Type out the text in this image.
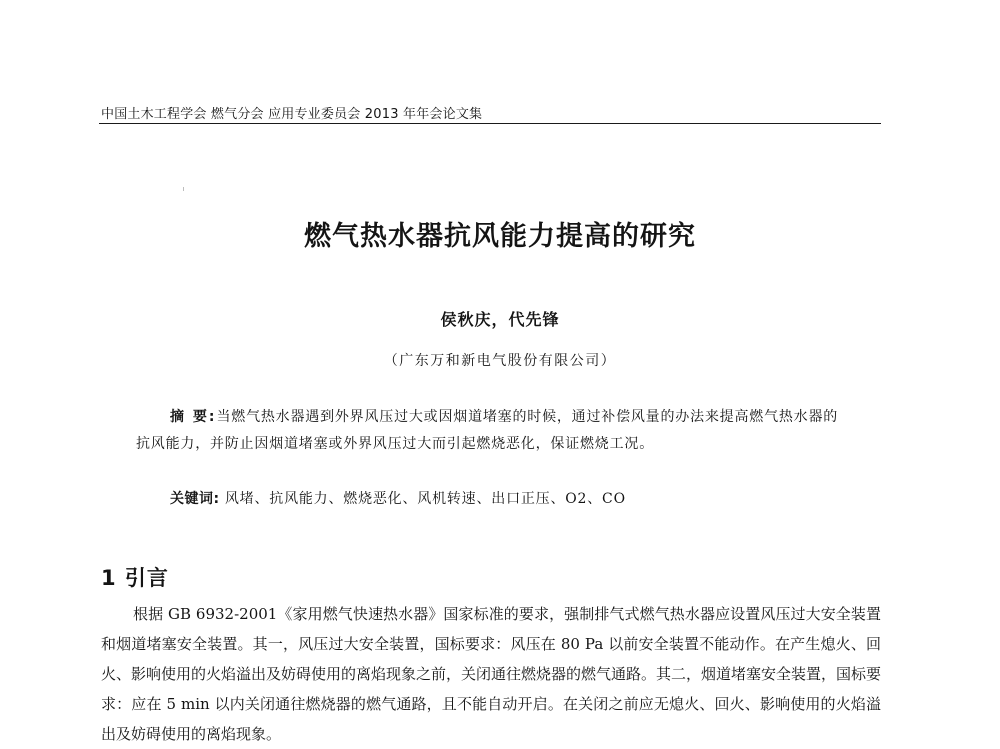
中国土木工程学会 燃气分会 应用专业委员会 2013 年年会论文集
燃气热水器抗风能力提高的研究
侯秋庆，代先锋
（广东万和新电气股份有限公司）
摘 要:当燃气热水器遇到外界风压过大或因烟道堵塞的时候，通过补偿风量的办法来提高燃气热水器的抗风能力，并防止因烟道堵塞或外界风压过大而引起燃烧恶化，保证燃烧工况。
关键词: 风堵、抗风能力、燃烧恶化、风机转速、出口正压、O2、CO
1 引言
根据 GB 6932-2001《家用燃气快速热水器》国家标准的要求，强制排气式燃气热水器应设置风压过大安全装置和烟道堵塞安全装置。其一，风压过大安全装置，国标要求：风压在 80 Pa 以前安全装置不能动作。在产生熄火、回火、影响使用的火焰溢出及妨碍使用的离焰现象之前，关闭通往燃烧器的燃气通路。其二，烟道堵塞安全装置，国标要求：应在 5 min 以内关闭通往燃烧器的燃气通路，且不能自动开启。在关闭之前应无熄火、回火、影响使用的火焰溢出及妨碍使用的离焰现象。
